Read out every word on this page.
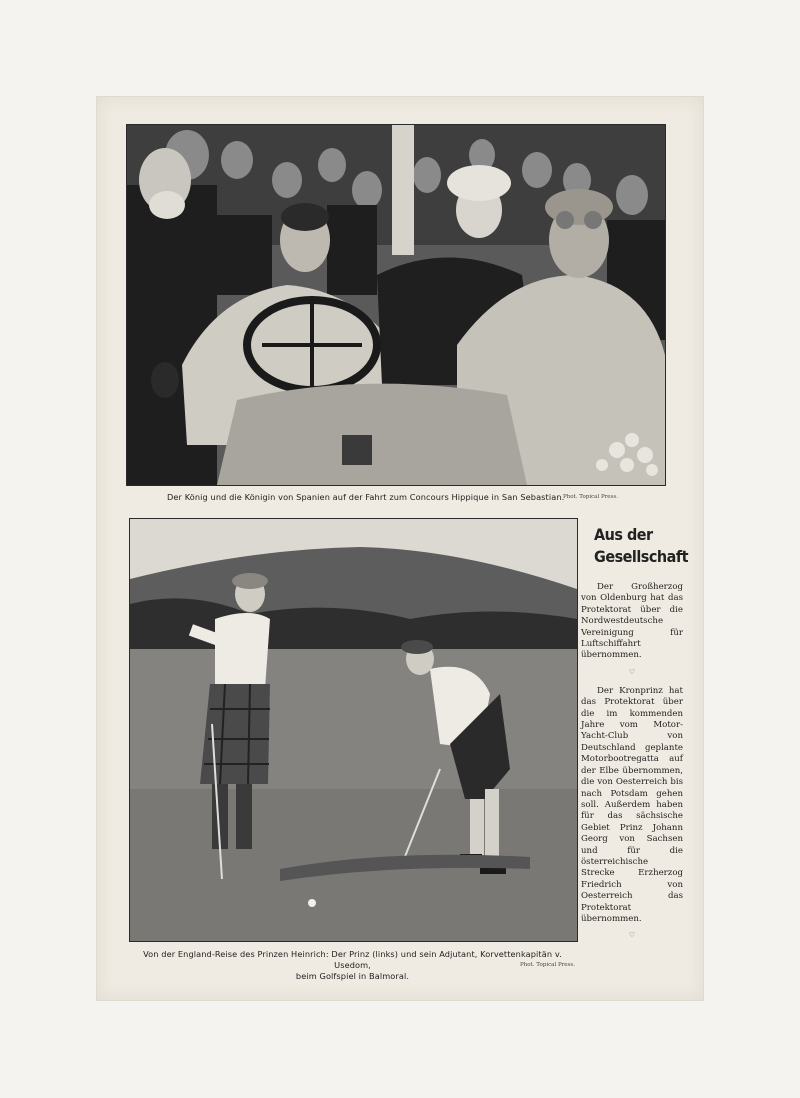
Der König und die Königin von Spanien auf der Fahrt zum Concours Hippique in San Sebastian.
Phot. Topical Press.
Von der England-Reise des Prinzen Heinrich: Der Prinz (links) und sein Adjutant, Korvettenkapitän v. Usedom,
beim Golfspiel in Balmoral.
Phot. Topical Press.
Aus der
Gesellschaft

Der Großherzog von Oldenburg hat das Protektorat über die Nordwestdeutsche Vereinigung für Luftschiffahrt übernommen.

♡

Der Kronprinz hat das Protektorat über die im kommenden Jahre vom Motor-Yacht-Club von Deutschland geplante Motorbootregatta auf der Elbe übernommen, die von Oesterreich bis nach Potsdam gehen soll. Außerdem haben für das sächsische Gebiet Prinz Johann Georg von Sachsen und für die österreichische Strecke Erzherzog Friedrich von Oesterreich das Protektorat übernommen.

♡
